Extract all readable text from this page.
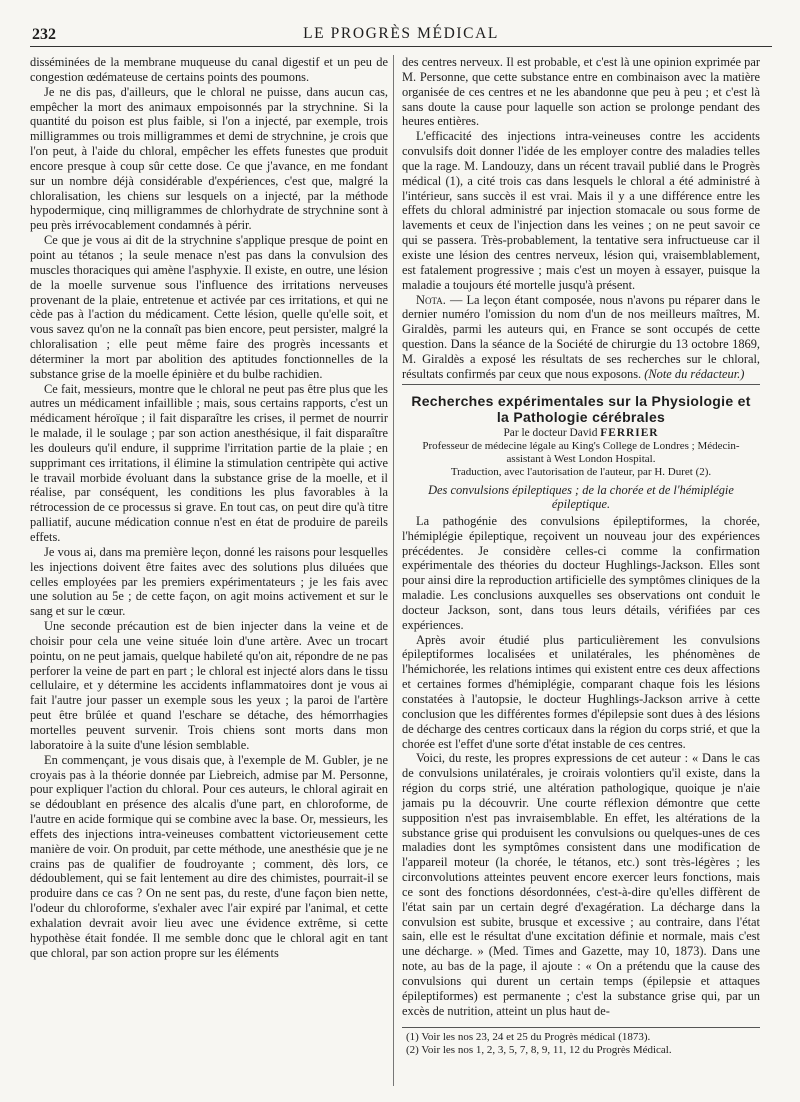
232	LE PROGRÈS MÉDICAL

disséminées de la membrane muqueuse du canal digestif et un peu de congestion œdémateuse de certains points des poumons.

Je ne dis pas, d'ailleurs, que le chloral ne puisse, dans aucun cas, empêcher la mort des animaux empoisonnés par la strychnine. Si la quantité du poison est plus faible, si l'on a injecté, par exemple, trois milligrammes ou trois milligrammes et demi de strychnine, je crois que l'on peut, à l'aide du chloral, empêcher les effets funestes que produit encore presque à coup sûr cette dose. Ce que j'avance, en me fondant sur un nombre déjà considérable d'expériences, c'est que, malgré la chloralisation, les chiens sur lesquels on a injecté, par la méthode hypodermique, cinq milligrammes de chlorhydrate de strychnine sont à peu près irrévocablement condamnés à périr.

Ce que je vous ai dit de la strychnine s'applique presque de point en point au tétanos ; la seule menace n'est pas dans la convulsion des muscles thoraciques qui amène l'asphyxie. Il existe, en outre, une lésion de la moelle survenue sous l'influence des irritations nerveuses provenant de la plaie, entretenue et activée par ces irritations, et qui ne cède pas à l'action du médicament. Cette lésion, quelle qu'elle soit, et vous savez qu'on ne la connaît pas bien encore, peut persister, malgré la chloralisation ; elle peut même faire des progrès incessants et déterminer la mort par abolition des aptitudes fonctionnelles de la substance grise de la moelle épinière et du bulbe rachidien.

Ce fait, messieurs, montre que le chloral ne peut pas être plus que les autres un médicament infaillible ; mais, sous certains rapports, c'est un médicament héroïque ; il fait disparaître les crises, il permet de nourrir le malade, il le soulage ; par son action anesthésique, il fait disparaître les douleurs qu'il endure, il supprime l'irritation partie de la plaie ; en supprimant ces irritations, il élimine la stimulation centripète qui active le travail morbide évoluant dans la substance grise de la moelle, et il réalise, par conséquent, les conditions les plus favorables à la rétrocession de ce processus si grave. En tout cas, on peut dire qu'à titre palliatif, aucune médication connue n'est en état de produire de pareils effets.

Je vous ai, dans ma première leçon, donné les raisons pour lesquelles les injections doivent être faites avec des solutions plus diluées que celles employées par les premiers expérimentateurs ; je les fais avec une solution au 5e ; de cette façon, on agit moins activement et sur le sang et sur le cœur.

Une seconde précaution est de bien injecter dans la veine et de choisir pour cela une veine située loin d'une artère. Avec un trocart pointu, on ne peut jamais, quelque habileté qu'on ait, répondre de ne pas perforer la veine de part en part ; le chloral est injecté alors dans le tissu cellulaire, et y détermine les accidents inflammatoires dont je vous ai fait l'autre jour passer un exemple sous les yeux ; la paroi de l'artère peut être brûlée et quand l'eschare se détache, des hémorrhagies mortelles peuvent survenir. Trois chiens sont morts dans mon laboratoire à la suite d'une lésion semblable.

En commençant, je vous disais que, à l'exemple de M. Gubler, je ne croyais pas à la théorie donnée par Liebreich, admise par M. Personne, pour expliquer l'action du chloral. Pour ces auteurs, le chloral agirait en se dédoublant en présence des alcalis d'une part, en chloroforme, de l'autre en acide formique qui se combine avec la base. Or, messieurs, les effets des injections intra-veineuses combattent victorieusement cette manière de voir. On produit, par cette méthode, une anesthésie que je ne crains pas de qualifier de foudroyante ; comment, dès lors, ce dédoublement, qui se fait lentement au dire des chimistes, pourrait-il se produire dans ce cas ? On ne sent pas, du reste, d'une façon bien nette, l'odeur du chloroforme, s'exhaler avec l'air expiré par l'animal, et cette exhalation devrait avoir lieu avec une évidence extrême, si cette hypothèse était fondée. Il me semble donc que le chloral agit en tant que chloral, par son action propre sur les éléments

des centres nerveux. Il est probable, et c'est là une opinion exprimée par M. Personne, que cette substance entre en combinaison avec la matière organisée de ces centres et ne les abandonne que peu à peu ; et c'est là sans doute la cause pour laquelle son action se prolonge pendant des heures entières.

L'efficacité des injections intra-veineuses contre les accidents convulsifs doit donner l'idée de les employer contre des maladies telles que la rage. M. Landouzy, dans un récent travail publié dans le Progrès médical (1), a cité trois cas dans lesquels le chloral a été administré à l'intérieur, sans succès il est vrai. Mais il y a une différence entre les effets du chloral administré par injection stomacale ou sous forme de lavements et ceux de l'injection dans les veines ; on ne peut savoir ce qui se passera. Très-probablement, la tentative sera infructueuse car il existe une lésion des centres nerveux, lésion qui, vraisemblablement, est fatalement progressive ; mais c'est un moyen à essayer, puisque la maladie a toujours été mortelle jusqu'à présent.

Nota. — La leçon étant composée, nous n'avons pu réparer dans le dernier numéro l'omission du nom d'un de nos meilleurs maîtres, M. Giraldès, parmi les auteurs qui, en France se sont occupés de cette question. Dans la séance de la Société de chirurgie du 13 octobre 1869, M. Giraldès a exposé les résultats de ses recherches sur le chloral, résultats confirmés par ceux que nous exposons. (Note du rédacteur.)

Recherches expérimentales sur la Physiologie et
la Pathologie cérébrales
Par le docteur David FERRIER
Professeur de médecine légale au King's College de Londres ; Médecin-
assistant à West London Hospital.
Traduction, avec l'autorisation de l'auteur, par H. Duret (2).
Des convulsions épileptiques ; de la chorée et de l'hémiplégie
épileptique.

La pathogénie des convulsions épileptiformes, la chorée, l'hémiplégie épileptique, reçoivent un nouveau jour des expériences précédentes. Je considère celles-ci comme la confirmation expérimentale des théories du docteur Hughlings-Jackson. Elles sont pour ainsi dire la reproduction artificielle des symptômes cliniques de la maladie. Les conclusions auxquelles ses observations ont conduit le docteur Jackson, sont, dans tous leurs détails, vérifiées par ces expériences.

Après avoir étudié plus particulièrement les convulsions épileptiformes localisées et unilatérales, les phénomènes de l'hémichorée, les relations intimes qui existent entre ces deux affections et certaines formes d'hémiplégie, comparant chaque fois les lésions constatées à l'autopsie, le docteur Hughlings-Jackson arrive à cette conclusion que les différentes formes d'épilepsie sont dues à des lésions de décharge des centres corticaux dans la région du corps strié, et que la chorée est l'effet d'une sorte d'état instable de ces centres.

Voici, du reste, les propres expressions de cet auteur : « Dans le cas de convulsions unilatérales, je croirais volontiers qu'il existe, dans la région du corps strié, une altération pathologique, quoique je n'aie jamais pu la découvrir. Une courte réflexion démontre que cette supposition n'est pas invraisemblable. En effet, les altérations de la substance grise qui produisent les convulsions ou quelques-unes de ces maladies dont les symptômes consistent dans une modification de l'appareil moteur (la chorée, le tétanos, etc.) sont très-légères ; les circonvolutions atteintes peuvent encore exercer leurs fonctions, mais ce sont des fonctions désordonnées, c'est-à-dire qu'elles diffèrent de l'état sain par un certain degré d'exagération. La décharge dans la convulsion est subite, brusque et excessive ; au contraire, dans l'état sain, elle est le résultat d'une excitation définie et normale, mais c'est une décharge. » (Med. Times and Gazette, may 10, 1873). Dans une note, au bas de la page, il ajoute : « On a prétendu que la cause des convulsions qui durent un certain temps (épilepsie et attaques épileptiformes) est permanente ; c'est la substance grise qui, par un excès de nutrition, atteint un plus haut de-

(1) Voir les nos 23, 24 et 25 du Progrès médical (1873).
(2) Voir les nos 1, 2, 3, 5, 7, 8, 9, 11, 12 du Progrès Médical.
